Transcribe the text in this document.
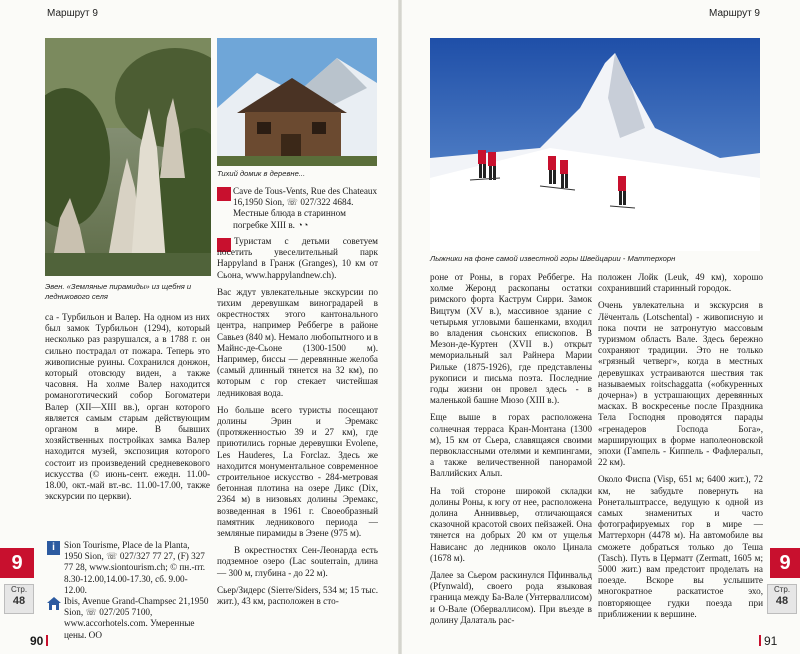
Маршрут 9
Эвен. «Земляные пирамиды» из щебня и ледникового селя
Тихий домик в деревне...
Cave de Tous-Vents, Rue des Chateaux 16,1950 Sion, ☏ 027/322 4684. Местные блюда в старинном погребке XIII в. ◔◔

са - Турбильон и Валер. На одном из них был замок Турбильон (1294), который несколько раз разрушался, а в 1788 г. он сильно пострадал от пожара. Теперь это живописные руины. Сохранился донжон, который отовсюду виден, а также часовня. На холме Валер находится романоготический собор Богоматери Валер (XII—XIII вв.), орган которого является самым старым действующим органом в мире. В бывших хозяйственных постройках замка Валер находится музей, экспозиция которого состоит из произведений средневекового искусства (© июнь-сент. ежедн. 11.00-18.00, окт.-май вт.-вс. 11.00-17.00, также экскурсии по церкви).

i Sion Tourisme, Place de la Planta, 1950 Sion, ☏ 027/327 77 27, (F) 327 77 28, www.siontourism.ch; © пн.-пт. 8.30-12.00,14.00-17.30, сб. 9.00-12.00.
Ibis, Avenue Grand-Champsec 21,1950 Sion, ☏ 027/205 7100, www.accorhotels.com. Умеренные цены. OO

Туристам с детьми советуем посетить увеселительный парк Happyland в Гранж (Granges), 10 км от Сьона, www.happylandnew.ch).

Вас ждут увлекательные экскурсии по тихим деревушкам виноградарей в окрестностях этого кантонального центра, например Реббегре в районе Савьез (840 м). Немало любопытного и в Майнс-де-Сьоне (1300-1500 м). Например, биссы — деревянные желоба (самый длинный тянется на 32 км), по которым с гор стекает чистейшая ледниковая вода.

Но больше всего туристы посещают долины Эрин и Эремакс (протяженностью 39 и 27 км), где приютились горные деревушки Evolene, Les Hauderes, La Forclaz. Здесь же находится монументальное современное строительное искусство - 284-метровая бетонная плотина на озере Дикс (Dix, 2364 м) в низовьях долины Эремакс, возведенная в 1961 г. Своеобразный памятник ледникового периода — земляные пирамиды в Эзене (975 м).

В окрестностях Сен-Леонарда есть подземное озеро (Lac souterrain, длина — 300 м, глубина - до 22 м).

Сьер/Зидерс (Sierre/Siders, 534 м; 15 тыс. жит.), 43 км, расположен в сто-

9
Стр.
48
90
Маршрут 9
Лыжники на фоне самой известной горы Швейцарии - Маттерхорн

роне от Роны, в горах Реббегре. На холме Жеронд раскопаны остатки римского форта Каструм Сирри. Замок Вицтум (XV в.), массивное здание с четырьмя угловыми башенками, входил во владения сьонских епископов. В Мезон-де-Куртен (XVII в.) открыт мемориальный зал Райнера Марии Рильке (1875-1926), где представлены рукописи и письма поэта. Последние годы жизни он провел здесь - в маленькой башне Мюзо (XIII в.).

Еще выше в горах расположена солнечная терраса Кран-Монтана (1300 м), 15 км от Сьера, славящаяся своими первоклассными отелями и кемпингами, а также величественной панорамой Валлийских Альп.

На той стороне широкой складки долины Роны, к югу от нее, расположена долина Анниввьер, отличающаяся сказочной красотой своих пейзажей. Она тянется на добрых 20 км от ущелья Нависанс до ледников около Цинала (1678 м).

Далее за Сьером раскинулся Пфинвальд (Pfynwald), своего рода языковая граница между Ба-Вале (Унтерваллисом) и О-Вале (Оберваллисом). При въезде в долину Далаталь рас-

положен Лойк (Leuk, 49 км), хорошо сохранивший старинный городок.

Очень увлекательна и экскурсия в Лёченталь (Lotschental) - живописную и пока почти не затронутую массовым туризмом область Вале. Здесь бережно сохраняют традиции. Это не только «грязный четверг», когда в местных деревушках устраиваются шествия так называемых roitschaggatta («обкуренных дочерна») в устрашающих деревянных масках. В воскресенье после Праздника Тела Господня проводятся парады «гренадеров Господа Бога», марширующих в форме наполеоновской эпохи (Гампель - Киппель - Фафлеральп, 22 км).

Около Фиспа (Visp, 651 м; 6400 жит.), 72 км, не забудьте повернуть на Ронетальштрассе, ведущую к одной из самых знаменитых и часто фотографируемых гор в мире — Маттерхорн (4478 м). На автомобиле вы сможете добраться только до Теша (Tasch). Путь в Церматт (Zermatt, 1605 м; 5000 жит.) вам предстоит проделать на поезде. Вскоре вы услышите многократное раскатистое эхо, повторяющее гудки поезда при приближении к вершине.

9
Стр.
48
91
